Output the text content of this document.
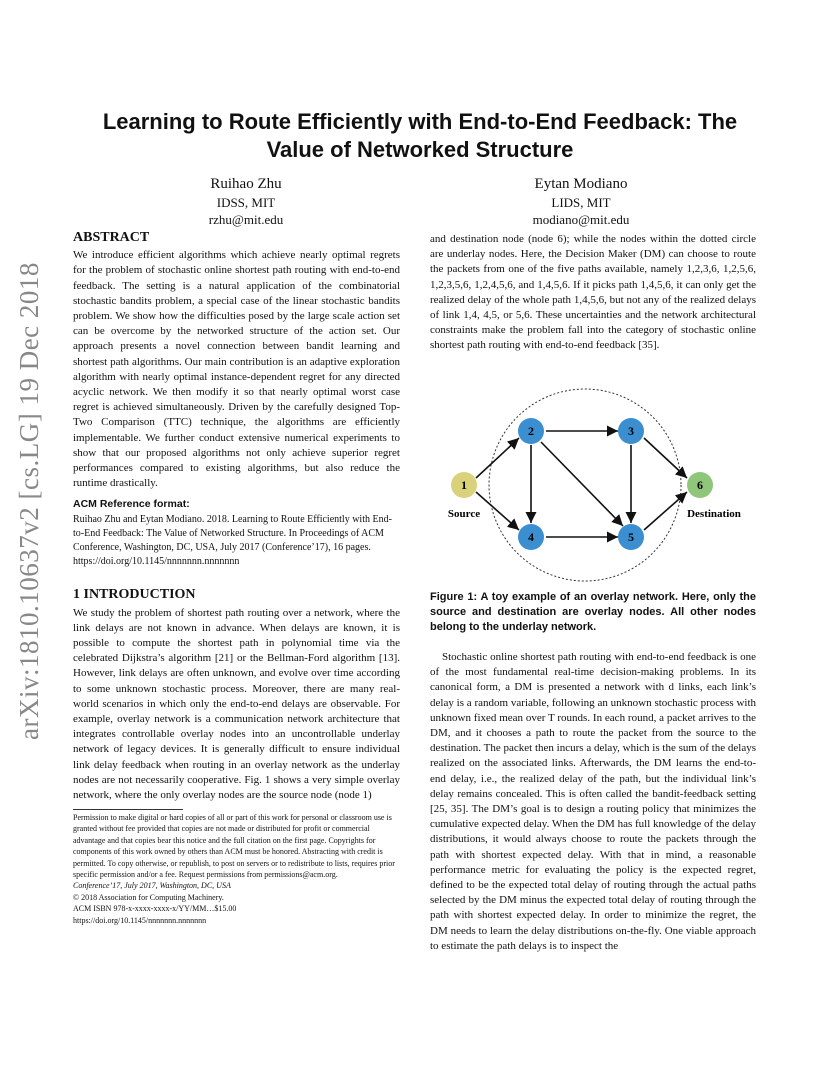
arXiv:1810.10637v2 [cs.LG] 19 Dec 2018
Learning to Route Efficiently with End-to-End Feedback: The Value of Networked Structure
Ruihao Zhu
IDSS, MIT
rzhu@mit.edu
Eytan Modiano
LIDS, MIT
modiano@mit.edu
ABSTRACT

We introduce efficient algorithms which achieve nearly optimal regrets for the problem of stochastic online shortest path routing with end-to-end feedback. The setting is a natural application of the combinatorial stochastic bandits problem, a special case of the linear stochastic bandits problem. We show how the difficulties posed by the large scale action set can be overcome by the networked structure of the action set. Our approach presents a novel connection between bandit learning and shortest path algorithms. Our main contribution is an adaptive exploration algorithm with nearly optimal instance-dependent regret for any directed acyclic network. We then modify it so that nearly optimal worst case regret is achieved simultaneously. Driven by the carefully designed Top-Two Comparison (TTC) technique, the algorithms are efficiently implementable. We further conduct extensive numerical experiments to show that our proposed algorithms not only achieve superior regret performances compared to existing algorithms, but also reduce the runtime drastically.

ACM Reference format:

Ruihao Zhu and Eytan Modiano. 2018. Learning to Route Efficiently with End-to-End Feedback: The Value of Networked Structure. In Proceedings of ACM Conference, Washington, DC, USA, July 2017 (Conference’17), 16 pages.

https://doi.org/10.1145/nnnnnnn.nnnnnnn

1 INTRODUCTION

We study the problem of shortest path routing over a network, where the link delays are not known in advance. When delays are known, it is possible to compute the shortest path in polynomial time via the celebrated Dijkstra’s algorithm [21] or the Bellman-Ford algorithm [13]. However, link delays are often unknown, and evolve over time according to some unknown stochastic process. Moreover, there are many real-world scenarios in which only the end-to-end delays are observable. For example, overlay network is a communication network architecture that integrates controllable overlay nodes into an uncontrollable underlay network of legacy devices. It is generally difficult to ensure individual link delay feedback when routing in an overlay network as the underlay nodes are not necessarily cooperative. Fig. 1 shows a very simple overlay network, where the only overlay nodes are the source node (node 1)

Permission to make digital or hard copies of all or part of this work for personal or classroom use is granted without fee provided that copies are not made or distributed for profit or commercial advantage and that copies bear this notice and the full citation on the first page. Copyrights for components of this work owned by others than ACM must be honored. Abstracting with credit is permitted. To copy otherwise, or republish, to post on servers or to redistribute to lists, requires prior specific permission and/or a fee. Request permissions from permissions@acm.org.

Conference’17, July 2017, Washington, DC, USA

© 2018 Association for Computing Machinery.

ACM ISBN 978-x-xxxx-xxxx-x/YY/MM…$15.00

https://doi.org/10.1145/nnnnnnn.nnnnnnn

and destination node (node 6); while the nodes within the dotted circle are underlay nodes. Here, the Decision Maker (DM) can choose to route the packets from one of the five paths available, namely 1,2,3,6, 1,2,5,6, 1,2,3,5,6, 1,2,4,5,6, and 1,4,5,6. If it picks path 1,4,5,6, it can only get the realized delay of the whole path 1,4,5,6, but not any of the realized delays of link 1,4, 4,5, or 5,6. These uncertainties and the network architectural constraints make the problem fall into the category of stochastic online shortest path routing with end-to-end feedback [35].

1
2	3
4	5
6
Source	Destination
Figure 1: A toy example of an overlay network. Here, only the source and destination are overlay nodes. All other nodes belong to the underlay network.

Stochastic online shortest path routing with end-to-end feedback is one of the most fundamental real-time decision-making problems. In its canonical form, a DM is presented a network with d links, each link’s delay is a random variable, following an unknown stochastic process with unknown fixed mean over T rounds. In each round, a packet arrives to the DM, and it chooses a path to route the packet from the source to the destination. The packet then incurs a delay, which is the sum of the delays realized on the associated links. Afterwards, the DM learns the end-to-end delay, i.e., the realized delay of the path, but the individual link’s delay remains concealed. This is often called the bandit-feedback setting [25, 35]. The DM’s goal is to design a routing policy that minimizes the cumulative expected delay. When the DM has full knowledge of the delay distributions, it would always choose to route the packets through the path with shortest expected delay. With that in mind, a reasonable performance metric for evaluating the policy is the expected regret, defined to be the expected total delay of routing through the actual paths selected by the DM minus the expected total delay of routing through the path with shortest expected delay. In order to minimize the regret, the DM needs to learn the delay distributions on-the-fly. One viable approach to estimate the path delays is to inspect the
